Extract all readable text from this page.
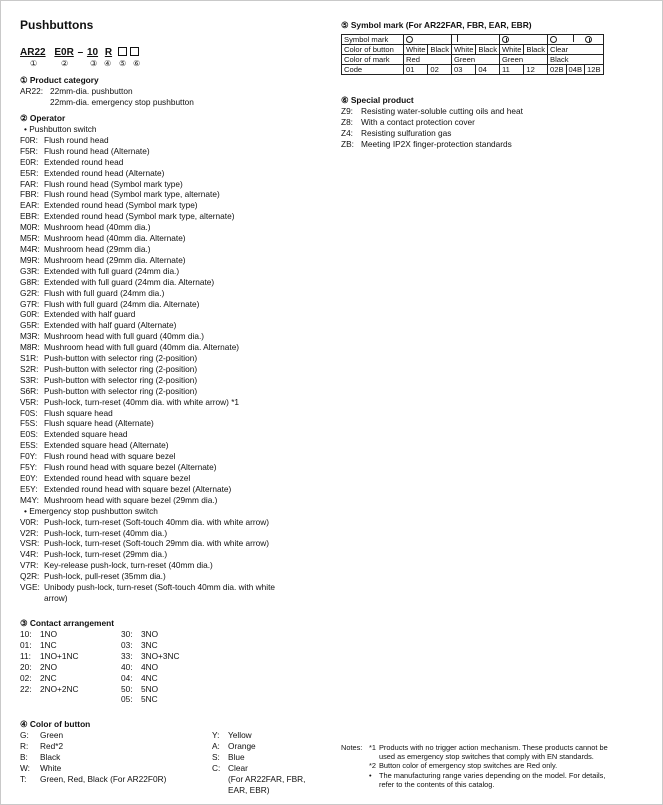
Pushbuttons
AR22 E0R – 10 R
①	②	③ ④ ⑤ ⑥
① Product category
AR22: 22mm-dia. pushbutton
22mm-dia. emergency stop pushbutton
② Operator
• Pushbutton switch
F0R: Flush round head
F5R: Flush round head (Alternate)
E0R: Extended round head
E5R: Extended round head (Alternate)
FAR: Flush round head (Symbol mark type)
FBR: Flush round head (Symbol mark type, alternate)
EAR: Extended round head (Symbol mark type)
EBR: Extended round head (Symbol mark type, alternate)
M0R: Mushroom head (40mm dia.)
M5R: Mushroom head (40mm dia. Alternate)
M4R: Mushroom head (29mm dia.)
M9R: Mushroom head (29mm dia. Alternate)
G3R: Extended with full guard (24mm dia.)
G8R: Extended with full guard (24mm dia. Alternate)
G2R: Flush with full guard (24mm dia.)
G7R: Flush with full guard (24mm dia. Alternate)
G0R: Extended with half guard
G5R: Extended with half guard (Alternate)
M3R: Mushroom head with full guard (40mm dia.)
M8R: Mushroom head with full guard (40mm dia. Alternate)
S1R: Push-button with selector ring (2-position)
S2R: Push-button with selector ring (2-position)
S3R: Push-button with selector ring (2-position)
S6R: Push-button with selector ring (2-position)
V5R: Push-lock, turn-reset (40mm dia. with white arrow) *1
F0S: Flush square head
F5S: Flush square head (Alternate)
E0S: Extended square head
E5S: Extended square head (Alternate)
F0Y: Flush round head with square bezel
F5Y: Flush round head with square bezel (Alternate)
E0Y: Extended round head with square bezel
E5Y: Extended round head with square bezel (Alternate)
M4Y: Mushroom head with square bezel (29mm dia.)
• Emergency stop pushbutton switch
V0R: Push-lock, turn-reset (Soft-touch 40mm dia. with white arrow)
V2R: Push-lock, turn-reset (40mm dia.)
VSR: Push-lock, turn-reset (Soft-touch 29mm dia. with white arrow)
V4R: Push-lock, turn-reset (29mm dia.)
V7R: Key-release push-lock, turn-reset (40mm dia.)
Q2R: Push-lock, pull-reset (35mm dia.)
VGE: Unibody push-lock, turn-reset (Soft-touch 40mm dia. with white
arrow)
③ Contact arrangement
10:	1NO
01:	1NC
11:	1NO+1NC
20:	2NO
02:	2NC
22:	2NO+2NC
30:	3NO
03:	3NC
33:	3NO+3NC
40:	4NO
04:	4NC
50:	5NO
05:	5NC
④ Color of button
G:	Green
R:	Red*2
B:	Black
W:	White
T:	Green, Red, Black (For AR22F0R)
Y:	Yellow
A: Orange
S: Blue
C: Clear
(For AR22FAR, FBR,
EAR, EBR)
⑤ Symbol mark (For AR22FAR, FBR, EAR, EBR)
Symbol mark									
Color of button	White	Black	White	Black	White	Black	Clear		
Color of mark	Red		Green		Green		Black		
Code	01	02	03	04	11	12	02B	04B	12B
⑥ Special product
Z9: Resisting water-soluble cutting oils and heat
Z8: With a contact protection cover
Z4: Resisting sulfuration gas
ZB: Meeting IP2X finger-protection standards
Notes: *1 Products with no trigger action mechanism. These products cannot be
used as emergency stop switches that comply with EN standards.
*2 Button color of emergency stop switches are Red only.
•	The manufacturing range varies depending on the model. For details,
refer to the contents of this catalog.
